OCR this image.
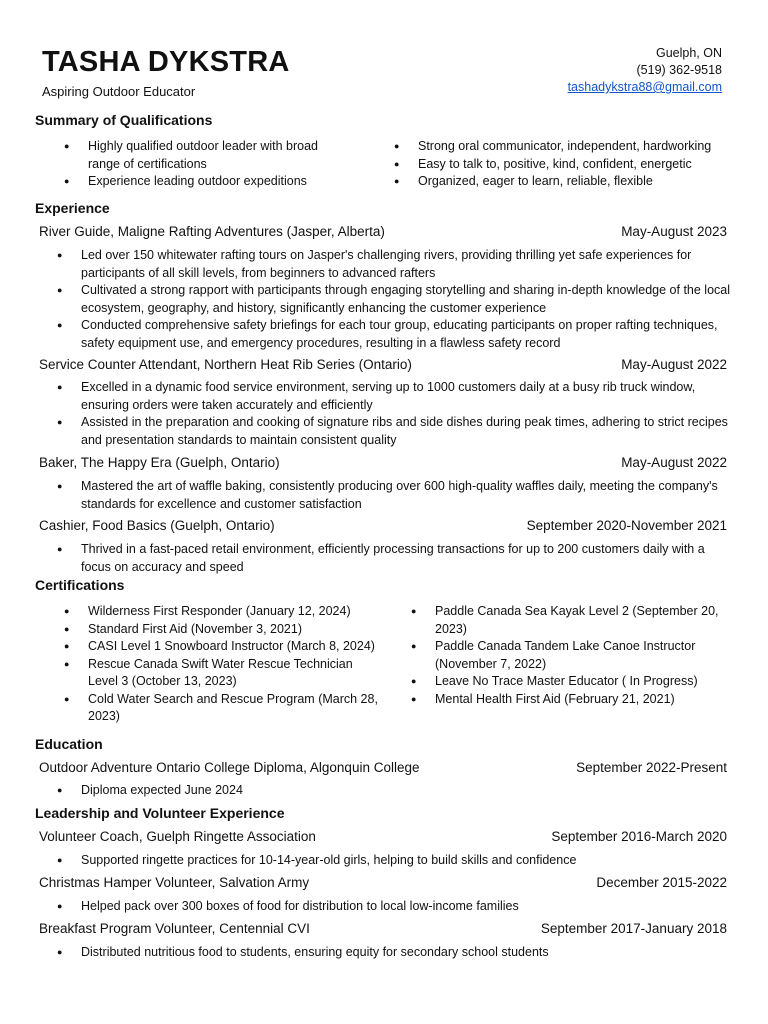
TASHA DYKSTRA
Aspiring Outdoor Educator
Guelph, ON
(519) 362-9518
tashadykstra88@gmail.com
Summary of Qualifications
● Highly qualified outdoor leader with broad range of certifications
● Experience leading outdoor expeditions
● Strong oral communicator, independent, hardworking
● Easy to talk to, positive, kind, confident, energetic
● Organized, eager to learn, reliable, flexible
Experience
River Guide, Maligne Rafting Adventures (Jasper, Alberta)	May-August 2023
● Led over 150 whitewater rafting tours on Jasper's challenging rivers, providing thrilling yet safe experiences for participants of all skill levels, from beginners to advanced rafters
● Cultivated a strong rapport with participants through engaging storytelling and sharing in-depth knowledge of the local ecosystem, geography, and history, significantly enhancing the customer experience
● Conducted comprehensive safety briefings for each tour group, educating participants on proper rafting techniques, safety equipment use, and emergency procedures, resulting in a flawless safety record
Service Counter Attendant, Northern Heat Rib Series (Ontario)	May-August 2022
● Excelled in a dynamic food service environment, serving up to 1000 customers daily at a busy rib truck window, ensuring orders were taken accurately and efficiently
● Assisted in the preparation and cooking of signature ribs and side dishes during peak times, adhering to strict recipes and presentation standards to maintain consistent quality
Baker, The Happy Era (Guelph, Ontario)	May-August 2022
● Mastered the art of waffle baking, consistently producing over 600 high-quality waffles daily, meeting the company's standards for excellence and customer satisfaction
Cashier, Food Basics (Guelph, Ontario)	September 2020-November 2021
● Thrived in a fast-paced retail environment, efficiently processing transactions for up to 200 customers daily with a focus on accuracy and speed
Certifications
● Wilderness First Responder (January 12, 2024)
● Standard First Aid (November 3, 2021)
● CASI Level 1 Snowboard Instructor (March 8, 2024)
● Rescue Canada Swift Water Rescue Technician Level 3 (October 13, 2023)
● Cold Water Search and Rescue Program (March 28, 2023)
● Paddle Canada Sea Kayak Level 2 (September 20, 2023)
● Paddle Canada Tandem Lake Canoe Instructor (November 7, 2022)
● Leave No Trace Master Educator ( In Progress)
● Mental Health First Aid (February 21, 2021)
Education
Outdoor Adventure Ontario College Diploma, Algonquin College	September 2022-Present
● Diploma expected June 2024
Leadership and Volunteer Experience
Volunteer Coach, Guelph Ringette Association	September 2016-March 2020
● Supported ringette practices for 10-14-year-old girls, helping to build skills and confidence
Christmas Hamper Volunteer, Salvation Army	December 2015-2022
● Helped pack over 300 boxes of food for distribution to local low-income families
Breakfast Program Volunteer, Centennial CVI	September 2017-January 2018
● Distributed nutritious food to students, ensuring equity for secondary school students
